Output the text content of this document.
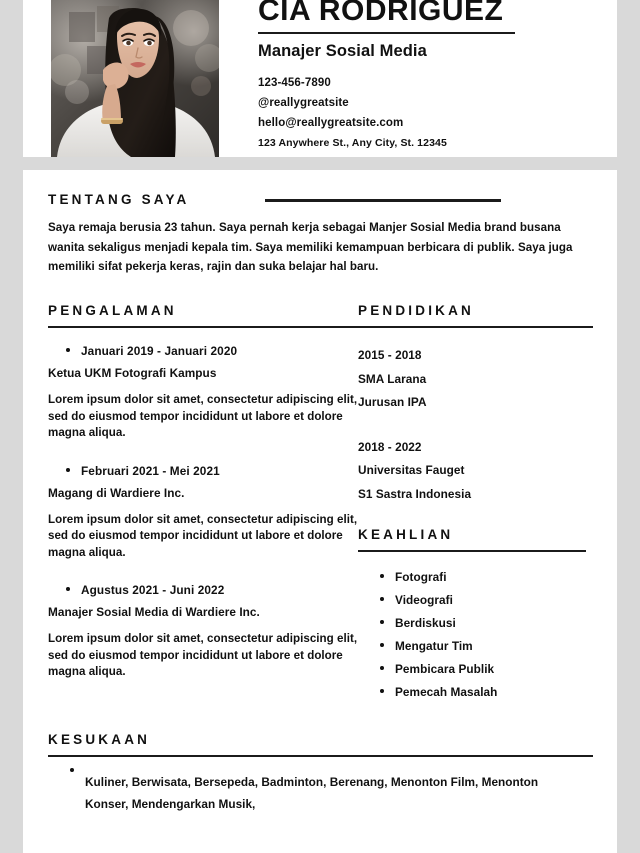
CIA RODRIGUEZ
Manajer Sosial Media
123-456-7890
@reallygreatsite
hello@reallygreatsite.com
123 Anywhere St., Any City, St. 12345
TENTANG SAYA

Saya remaja berusia 23 tahun. Saya pernah kerja sebagai Manjer Sosial Media brand busana wanita sekaligus menjadi kepala tim. Saya memiliki kemampuan berbicara di publik. Saya juga memiliki sifat pekerja keras, rajin dan suka belajar hal baru.

PENGALAMAN	PENDIDIKAN
Januari 2019 - Januari 2020
Ketua UKM Fotografi Kampus
Lorem ipsum dolor sit amet, consectetur adipiscing elit, sed do eiusmod tempor incididunt ut labore et dolore magna aliqua.
Februari 2021 - Mei 2021
Magang di Wardiere Inc.
Lorem ipsum dolor sit amet, consectetur adipiscing elit, sed do eiusmod tempor incididunt ut labore et dolore magna aliqua.
Agustus 2021 - Juni 2022
Manajer Sosial Media di Wardiere Inc.
Lorem ipsum dolor sit amet, consectetur adipiscing elit, sed do eiusmod tempor incididunt ut labore et dolore magna aliqua.
2015 - 2018
SMA Larana
Jurusan IPA
2018 - 2022
Universitas Fauget
S1 Sastra Indonesia
KEAHLIAN
Fotografi
Videografi
Berdiskusi
Mengatur Tim
Pembicara Publik
Pemecah Masalah
KESUKAAN
Kuliner, Berwisata, Bersepeda, Badminton, Berenang, Menonton Film, Menonton Konser, Mendengarkan Musik,
